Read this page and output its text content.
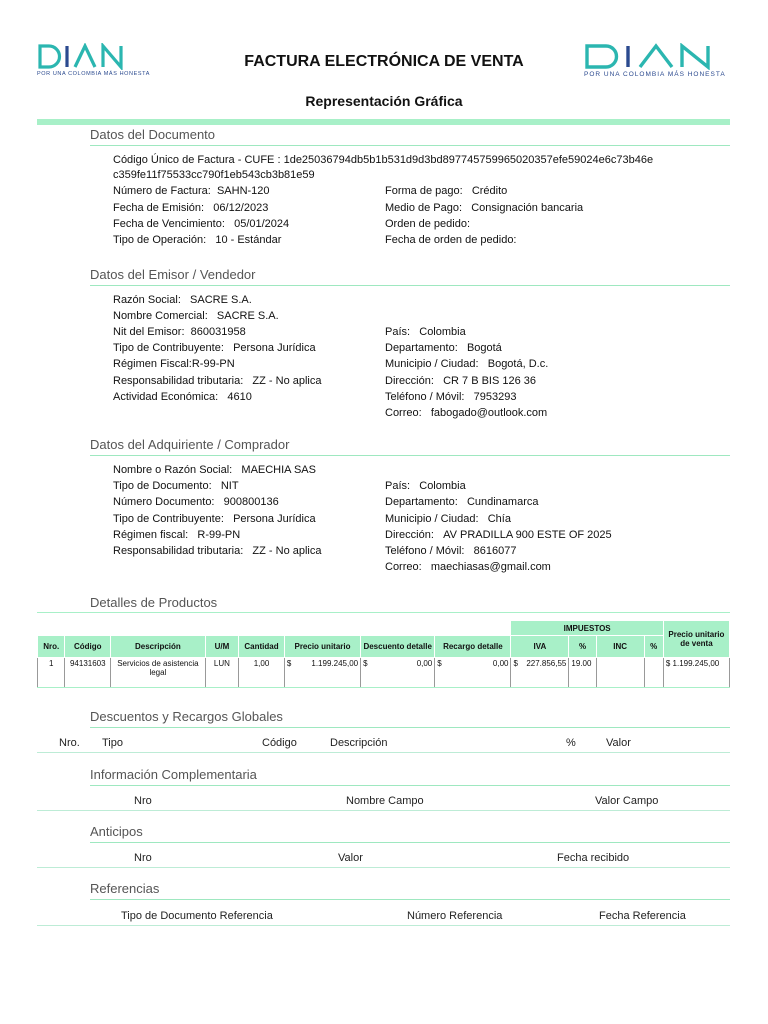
POR UNA COLOMBIA MÁS HONESTA
FACTURA ELECTRÓNICA DE VENTA
POR UNA COLOMBIA MÁS HONESTA
Representación Gráfica
Datos del Documento
Código Único de Factura - CUFE : 1de25036794db5b1b531d9d3bd897745759965020357efe59024e6c73b46e
c359fe11f75533cc790f1eb543cb3b81e59
Número de Factura: SAHN-120
Fecha de Emisión: 06/12/2023
Fecha de Vencimiento: 05/01/2024
Tipo de Operación: 10 - Estándar
Forma de pago: Crédito
Medio de Pago: Consignación bancaria
Orden de pedido:
Fecha de orden de pedido:
Datos del Emisor / Vendedor
Razón Social: SACRE S.A.
Nombre Comercial: SACRE S.A.
Nit del Emisor: 860031958
Tipo de Contribuyente: Persona Jurídica
Régimen Fiscal:R-99-PN
Responsabilidad tributaria: ZZ - No aplica
Actividad Económica: 4610
País: Colombia
Departamento: Bogotá
Municipio / Ciudad: Bogotá, D.c.
Dirección: CR 7 B BIS 126 36
Teléfono / Móvil: 7953293
Correo: fabogado@outlook.com
Datos del Adquiriente / Comprador
Nombre o Razón Social: MAECHIA SAS
Tipo de Documento: NIT
Número Documento: 900800136
Tipo de Contribuyente: Persona Jurídica
Régimen fiscal: R-99-PN
Responsabilidad tributaria: ZZ - No aplica
País: Colombia
Departamento: Cundinamarca
Municipio / Ciudad: Chía
Dirección: AV PRADILLA 900 ESTE OF 2025
Teléfono / Móvil: 8616077
Correo: maechiasas@gmail.com
Detalles de Productos
								IMPUESTOS				Precio unitario de venta
Nro.	Código	Descripción	U/M	Cantidad	Precio unitario	Descuento detalle	Recargo detalle	IVA	%	INC	%	
1	94131603	Servicios de asistencia legal	LUN	1,00	$ 1.199.245,00	$ 0,00	$ 0,00	$ 227.856,55	19.00			$ 1.199.245,00
Descuentos y Recargos Globales
Nro. Tipo	Código	Descripción	%	Valor
Información Complementaria
Nro	Nombre Campo	Valor Campo
Anticipos
Nro	Valor	Fecha recibido
Referencias
Tipo de Documento Referencia	Número Referencia	Fecha Referencia
